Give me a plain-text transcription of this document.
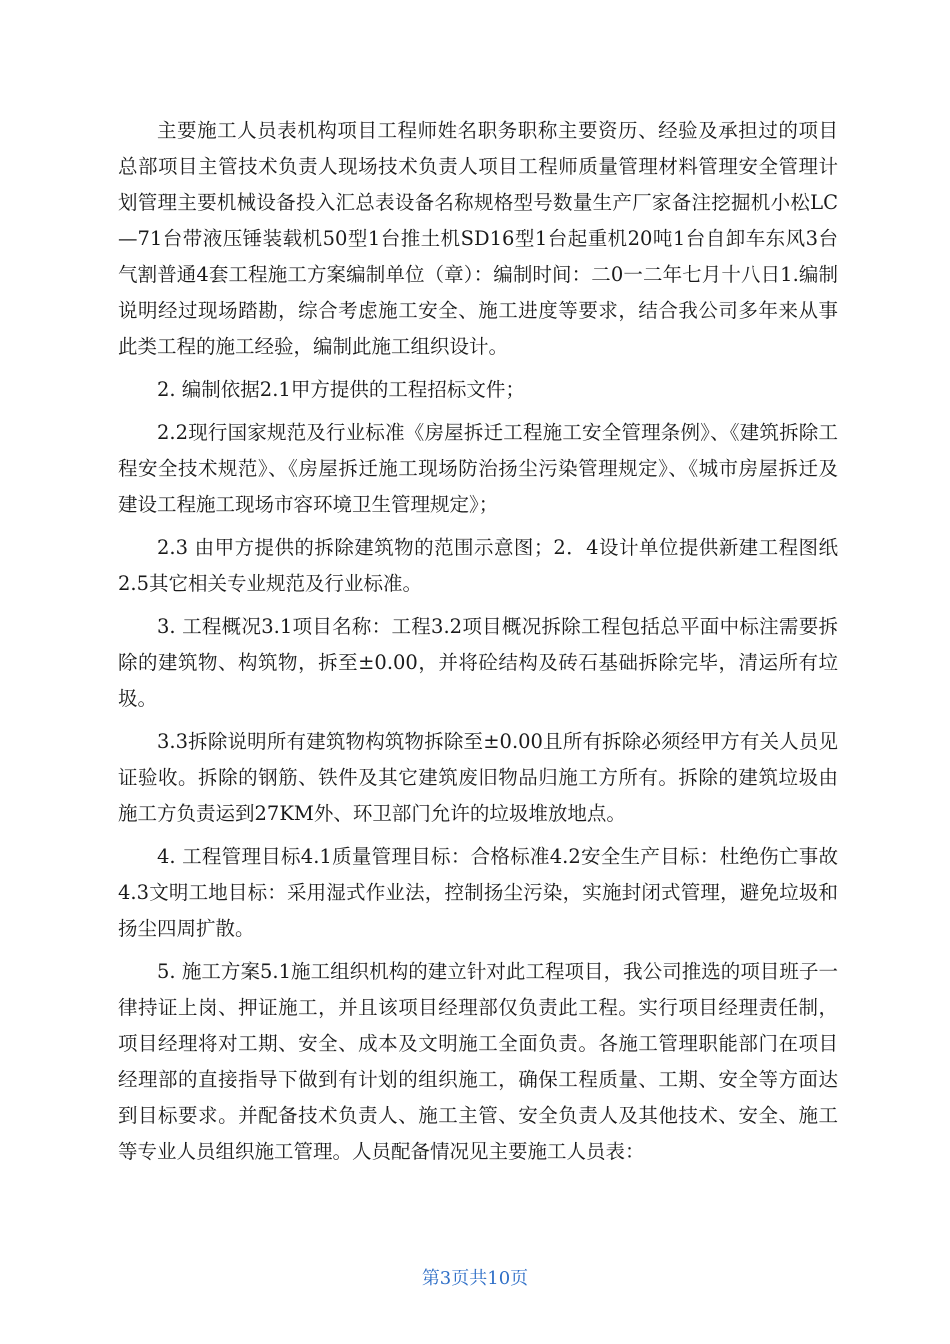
主要施工人员表机构项目工程师姓名职务职称主要资历、经验及承担过的项目总部项目主管技术负责人现场技术负责人项目工程师质量管理材料管理安全管理计划管理主要机械设备投入汇总表设备名称规格型号数量生产厂家备注挖掘机小松LC—71台带液压锤装载机50型1台推土机SD16型1台起重机20吨1台自卸车东风3台气割普通4套工程施工方案编制单位（章）：编制时间：二0一二年七月十八日1.编制说明经过现场踏勘，综合考虑施工安全、施工进度等要求，结合我公司多年来从事此类工程的施工经验，编制此施工组织设计。

2. 编制依据2.1甲方提供的工程招标文件；

2.2现行国家规范及行业标准《房屋拆迁工程施工安全管理条例》、《建筑拆除工程安全技术规范》、《房屋拆迁施工现场防治扬尘污染管理规定》、《城市房屋拆迁及建设工程施工现场市容环境卫生管理规定》；

2.3 由甲方提供的拆除建筑物的范围示意图；2．4设计单位提供新建工程图纸2.5其它相关专业规范及行业标准。

3. 工程概况3.1项目名称：工程3.2项目概况拆除工程包括总平面中标注需要拆除的建筑物、构筑物，拆至±0.00，并将砼结构及砖石基础拆除完毕，清运所有垃圾。

3.3拆除说明所有建筑物构筑物拆除至±0.00且所有拆除必须经甲方有关人员见证验收。拆除的钢筋、铁件及其它建筑废旧物品归施工方所有。拆除的建筑垃圾由施工方负责运到27KM外、环卫部门允许的垃圾堆放地点。

4. 工程管理目标4.1质量管理目标：合格标准4.2安全生产目标：杜绝伤亡事故4.3文明工地目标：采用湿式作业法，控制扬尘污染，实施封闭式管理，避免垃圾和扬尘四周扩散。

5. 施工方案5.1施工组织机构的建立针对此工程项目，我公司推选的项目班子一律持证上岗、押证施工，并且该项目经理部仅负责此工程。实行项目经理责任制，项目经理将对工期、安全、成本及文明施工全面负责。各施工管理职能部门在项目经理部的直接指导下做到有计划的组织施工，确保工程质量、工期、安全等方面达到目标要求。并配备技术负责人、施工主管、安全负责人及其他技术、安全、施工等专业人员组织施工管理。人员配备情况见主要施工人员表：

第3页共10页
